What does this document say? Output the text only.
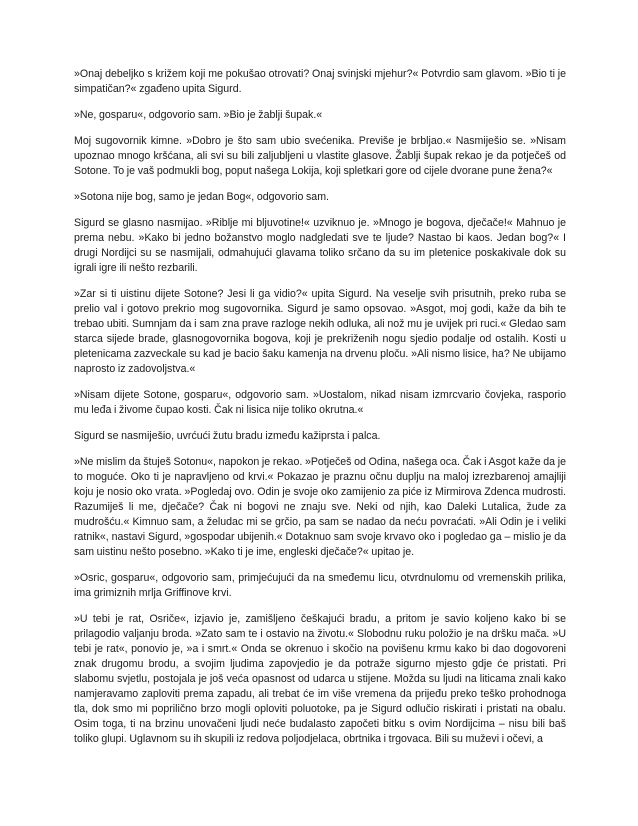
»Onaj debeljko s križem koji me pokušao otrovati? Onaj svinjski mjehur?« Potvrdio sam glavom. »Bio ti je simpatičan?« zgađeno upita Sigurd.

»Ne, gosparu«, odgovorio sam. »Bio je žablji šupak.«

Moj sugovornik kimne. »Dobro je što sam ubio svećenika. Previše je brbljao.« Nasmiješio se. »Nisam upoznao mnogo kršćana, ali svi su bili zaljubljeni u vlastite glasove. Žablji šupak rekao je da potječeš od Sotone. To je vaš podmukli bog, poput našega Lokija, koji spletkari gore od cijele dvorane pune žena?«

»Sotona nije bog, samo je jedan Bog«, odgovorio sam.

Sigurd se glasno nasmijao. »Riblje mi bljuvotine!« uzviknuo je. »Mnogo je bogova, dječače!« Mahnuo je prema nebu. »Kako bi jedno božanstvo moglo nadgledati sve te ljude? Nastao bi kaos. Jedan bog?« I drugi Nordijci su se nasmijali, odmahujući glavama toliko srčano da su im pletenice poskakivale dok su igrali igre ili nešto rezbarili.

»Zar si ti uistinu dijete Sotone? Jesi li ga vidio?« upita Sigurd. Na veselje svih prisutnih, preko ruba se prelio val i gotovo prekrio mog sugovornika. Sigurd je samo opsovao. »Asgot, moj godi, kaže da bih te trebao ubiti. Sumnjam da i sam zna prave razloge nekih odluka, ali nož mu je uvijek pri ruci.« Gledao sam starca sijede brade, glasnogovornika bogova, koji je prekriženih nogu sjedio podalje od ostalih. Kosti u pletenicama zazveckale su kad je bacio šaku kamenja na drvenu ploču. »Ali nismo lisice, ha? Ne ubijamo naprosto iz zadovoljstva.«

»Nisam dijete Sotone, gosparu«, odgovorio sam. »Uostalom, nikad nisam izmrcvario čovjeka, rasporio mu leđa i živome čupao kosti. Čak ni lisica nije toliko okrutna.«

Sigurd se nasmiješio, uvrćući žutu bradu između kažiprsta i palca.

»Ne mislim da štuješ Sotonu«, napokon je rekao. »Potječeš od Odina, našega oca. Čak i Asgot kaže da je to moguće. Oko ti je napravljeno od krvi.« Pokazao je praznu očnu duplju na maloj izrezbarenoj amajliji koju je nosio oko vrata. »Pogledaj ovo. Odin je svoje oko zamijenio za piće iz Mirmirova Zdenca mudrosti. Razumiješ li me, dječače? Čak ni bogovi ne znaju sve. Neki od njih, kao Daleki Lutalica, žude za mudrošću.« Kimnuo sam, a želudac mi se grčio, pa sam se nadao da neću povraćati. »Ali Odin je i veliki ratnik«, nastavi Sigurd, »gospodar ubijenih.« Dotaknuo sam svoje krvavo oko i pogledao ga – mislio je da sam uistinu nešto posebno. »Kako ti je ime, engleski dječače?« upitao je.

»Osric, gosparu«, odgovorio sam, primjećujući da na smeđemu licu, otvrdnulomu od vremenskih prilika, ima grimiznih mrlja Griffinove krvi.

»U tebi je rat, Osriče«, izjavio je, zamišljeno češkajući bradu, a pritom je savio koljeno kako bi se prilagodio valjanju broda. »Zato sam te i ostavio na životu.« Slobodnu ruku položio je na dršku mača. »U tebi je rat«, ponovio je, »a i smrt.« Onda se okrenuo i skočio na povišenu krmu kako bi dao dogovoreni znak drugomu brodu, a svojim ljudima zapovjedio je da potraže sigurno mjesto gdje će pristati. Pri slabomu svjetlu, postojala je još veća opasnost od udarca u stijene. Možda su ljudi na liticama znali kako namjeravamo zaploviti prema zapadu, ali trebat će im više vremena da prijeđu preko teško prohodnoga tla, dok smo mi poprilično brzo mogli oploviti poluotoke, pa je Sigurd odlučio riskirati i pristati na obalu. Osim toga, ti na brzinu unovačeni ljudi neće budalasto započeti bitku s ovim Nordijcima – nisu bili baš toliko glupi. Uglavnom su ih skupili iz redova poljodjelaca, obrtnika i trgovaca. Bili su muževi i očevi, a
